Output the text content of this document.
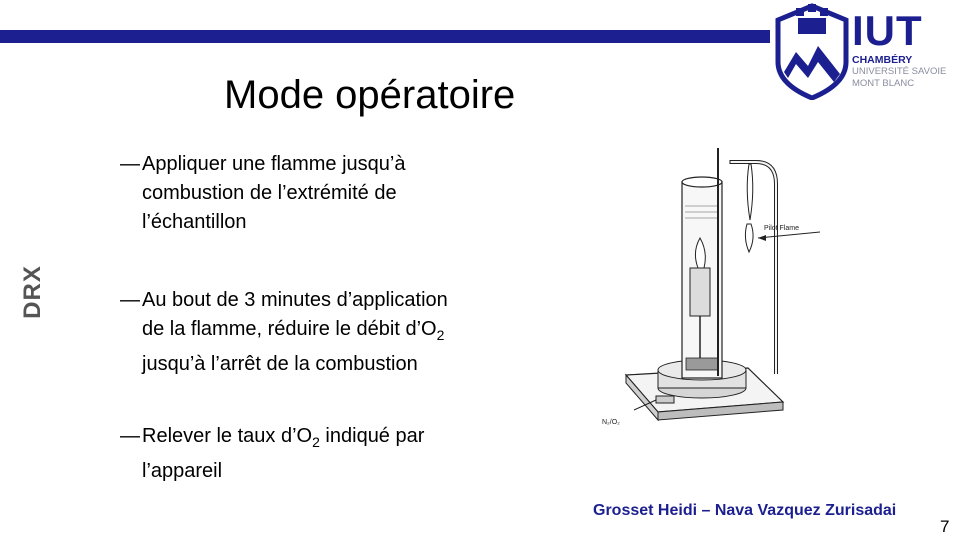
IUT
CHAMBÉRY
UNIVERSITÉ SAVOIE
MONT BLANC
Mode opératoire
DRX
— Appliquer une flamme jusqu’à
combustion de l’extrémité de
l’échantillon
— Au bout de 3 minutes d’application
de la flamme, réduire le débit $d’O_2$
jusqu’à l’arrêt de la combustion
— Relever le taux $d’O_2$ indiqué par
l’appareil
Pilot Flame
N₂/O₂
Grosset Heidi – Nava Vazquez Zurisadai
7
